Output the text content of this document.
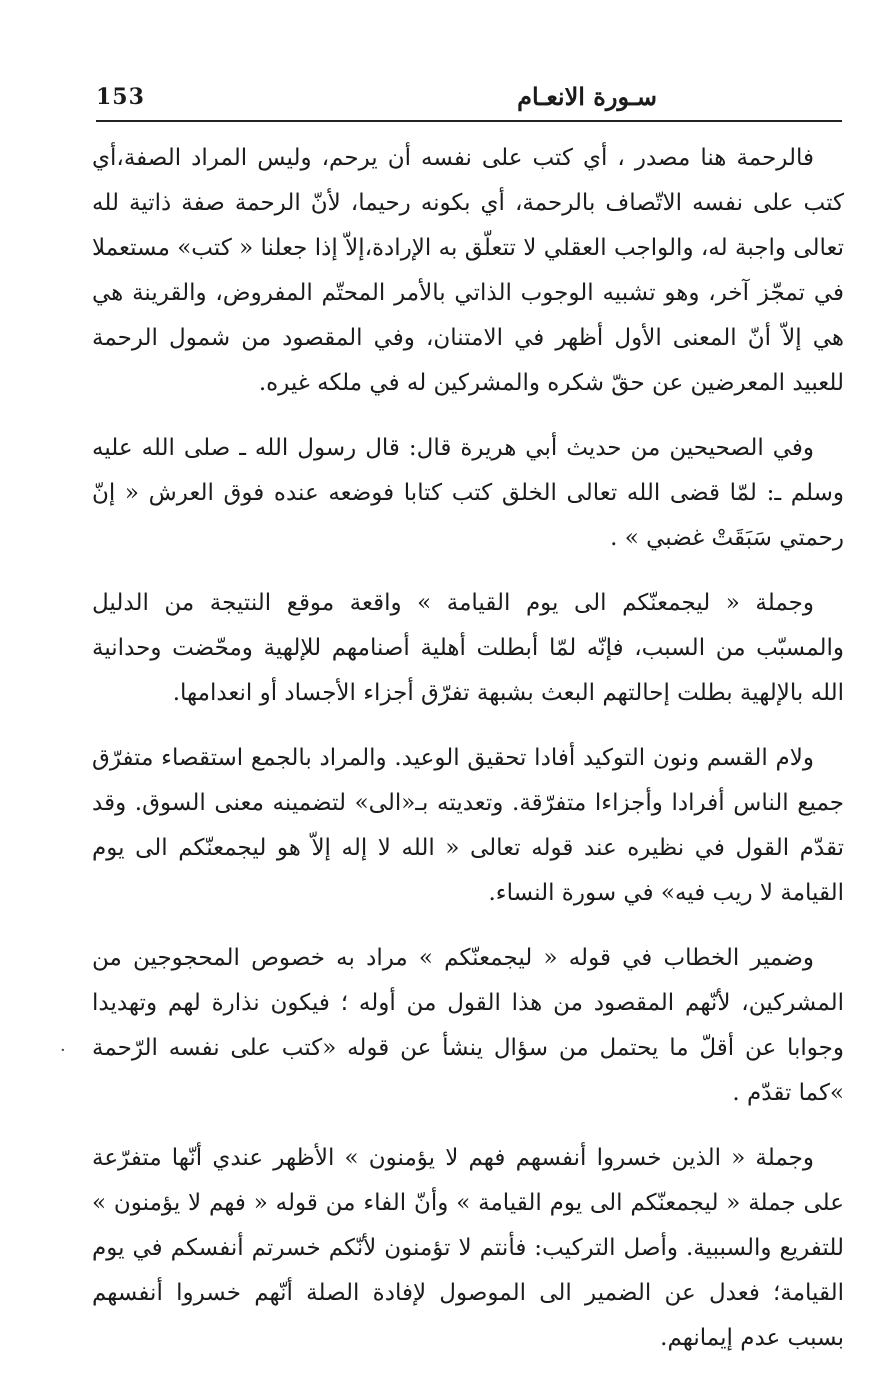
153	سـورة الانعـام

فالرحمة هنا مصدر ، أي كتب على نفسه أن يرحم، وليس المراد الصفة،أي كتب على نفسه الاتّصاف بالرحمة، أي بكونه رحيما، لأنّ الرحمة صفة ذاتية لله تعالى واجبة له، والواجب العقلي لا تتعلّق به الإرادة،إلاّ إذا جعلنا « كتب» مستعملا في تمجّز آخر، وهو تشبيه الوجوب الذاتي بالأمر المحتّم المفروض، والقرينة هي هي إلاّ أنّ المعنى الأول أظهر في الامتنان، وفي المقصود من شمول الرحمة للعبيد المعرضين عن حقّ شكره والمشركين له في ملكه غيره.

وفي الصحيحين من حديث أبي هريرة قال: قال رسول الله ـ صلى الله عليه وسلم ـ: لمّا قضى الله تعالى الخلق كتب كتابا فوضعه عنده فوق العرش « إنّ رحمتي سَبَقَتْ غضبي » .

وجملة « ليجمعنّكم الى يوم القيامة » واقعة موقع النتيجة من الدليل والمسبّب من السبب، فإنّه لمّا أبطلت أهلية أصنامهم للإلهية ومحّضت وحدانية الله بالإلهية بطلت إحالتهم البعث بشبهة تفرّق أجزاء الأجساد أو انعدامها.

ولام القسم ونون التوكيد أفادا تحقيق الوعيد. والمراد بالجمع استقصاء متفرّق جميع الناس أفرادا وأجزاءا متفرّقة. وتعديته بـ«الى» لتضمينه معنى السوق. وقد تقدّم القول في نظيره عند قوله تعالى « الله لا إله إلاّ هو ليجمعنّكم الى يوم القيامة لا ريب فيه» في سورة النساء.

وضمير الخطاب في قوله « ليجمعنّكم » مراد به خصوص المحجوجين من المشركين، لأنّهم المقصود من هذا القول من أوله ؛ فيكون نذارة لهم وتهديدا وجوابا عن أقلّ ما يحتمل من سؤال ينشأ عن قوله «كتب على نفسه الرّحمة »كما تقدّم .

وجملة « الذين خسروا أنفسهم فهم لا يؤمنون » الأظهر عندي أنّها متفرّعة على جملة « ليجمعنّكم الى يوم القيامة » وأنّ الفاء من قوله « فهم لا يؤمنون » للتفريع والسببية. وأصل التركيب: فأنتم لا تؤمنون لأنّكم خسرتم أنفسكم في يوم القيامة؛ فعدل عن الضمير الى الموصول لإفادة الصلة أنّهم خسروا أنفسهم بسبب عدم إيمانهم.

·
